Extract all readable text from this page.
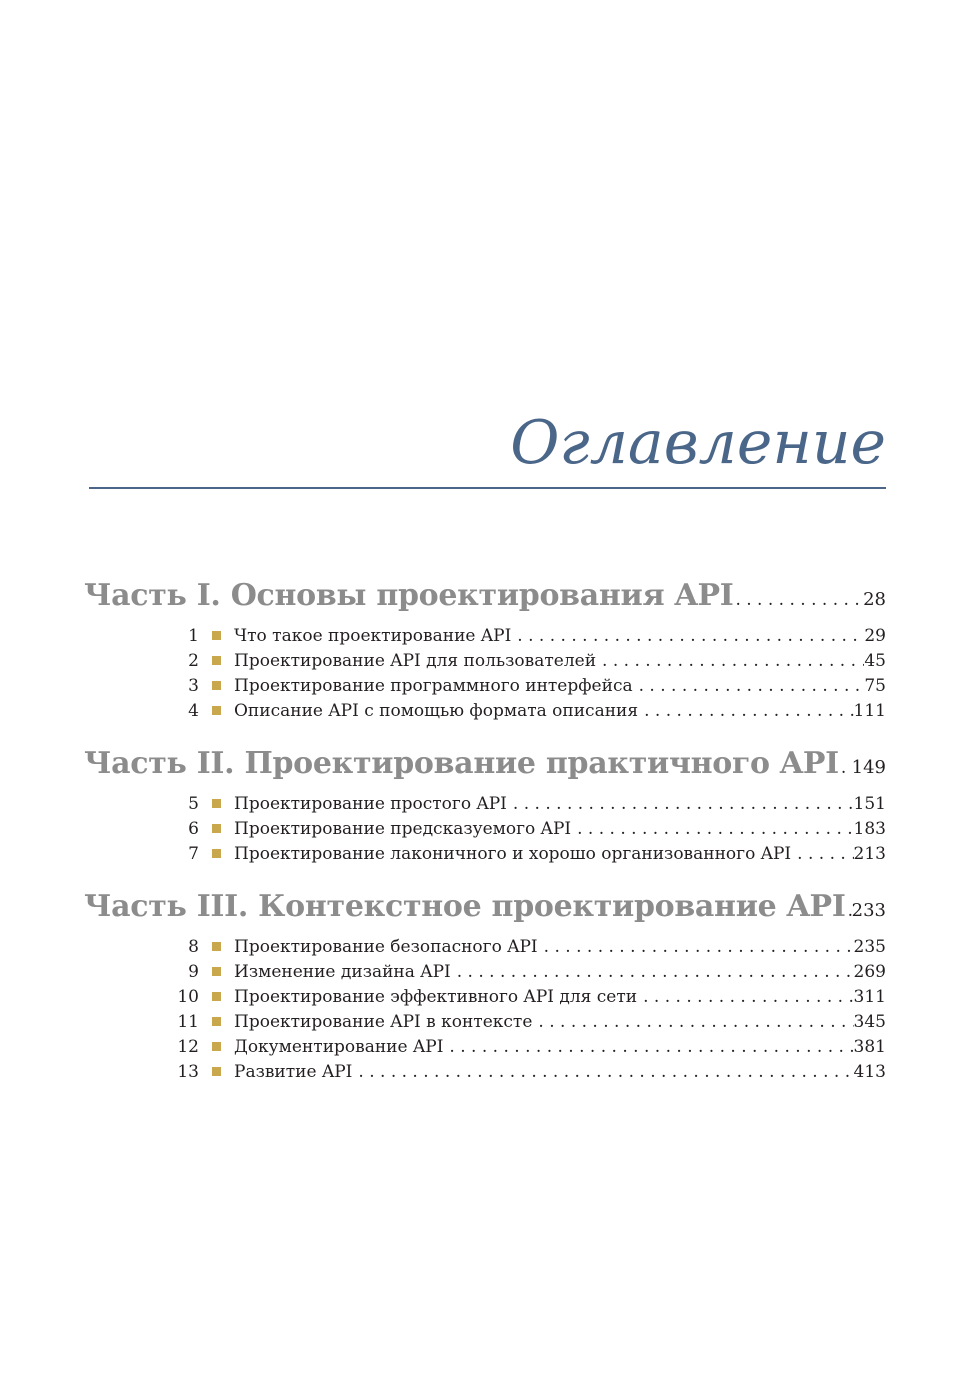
Оглавление
Часть I. Основы проектирования API . . .	28
1 Что такое проектирование API . . .	29
2 Проектирование API для пользователей . . .	45
3 Проектирование программного интерфейса . . .	75
4 Описание API с помощью формата описания . . .	111
Часть II. Проектирование практичного API . . . 149
5 Проектирование простого API . . .	151
6 Проектирование предсказуемого API . . .	183
7 Проектирование лаконичного и хорошо организованного API . . .	213
Часть III. Контекстное проектирование API . . . 233
8 Проектирование безопасного API . . .	235
9 Изменение дизайна API . . .	269
10 Проектирование эффективного API для сети . . .	311
11 Проектирование API в контексте . . .	345
12 Документирование API . . .	381
13 Развитие API . . .	413
